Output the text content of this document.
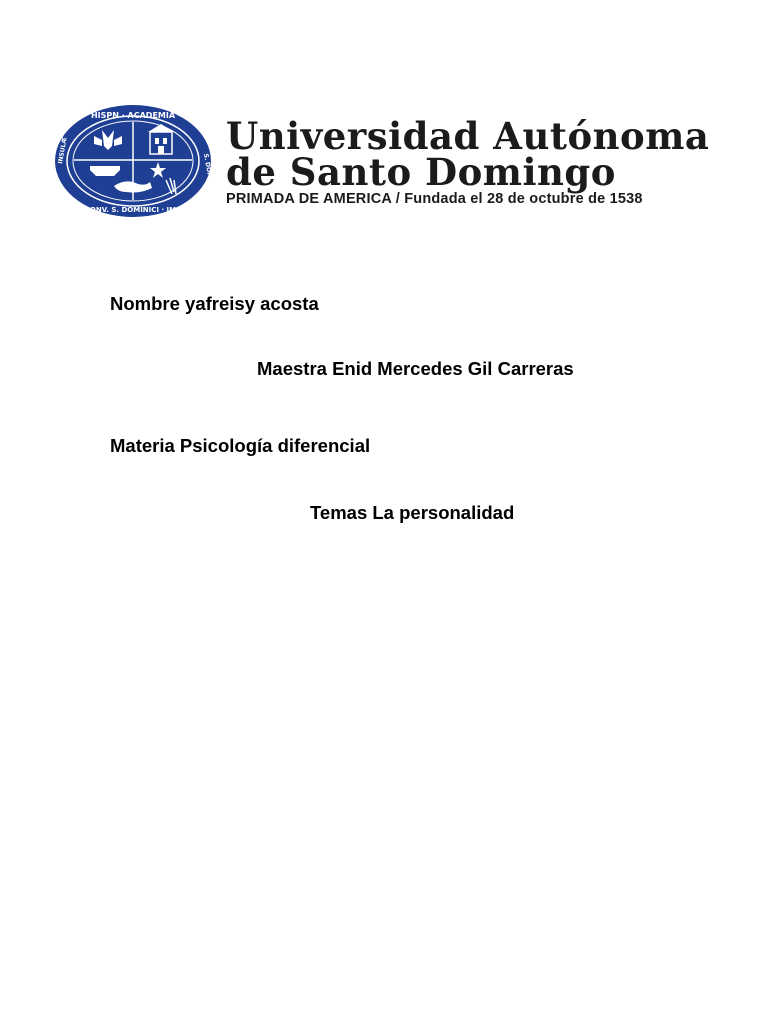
HISPN · ACADEMIA
CONV. S. DOMINICI · IMP
INSULÆ
S. DOMINICI
Universidad Autónoma
de Santo Domingo
PRIMADA DE AMERICA / Fundada el 28 de octubre de 1538
Nombre yafreisy acosta
Maestra Enid Mercedes Gil Carreras
Materia Psicología diferencial
Temas La personalidad
